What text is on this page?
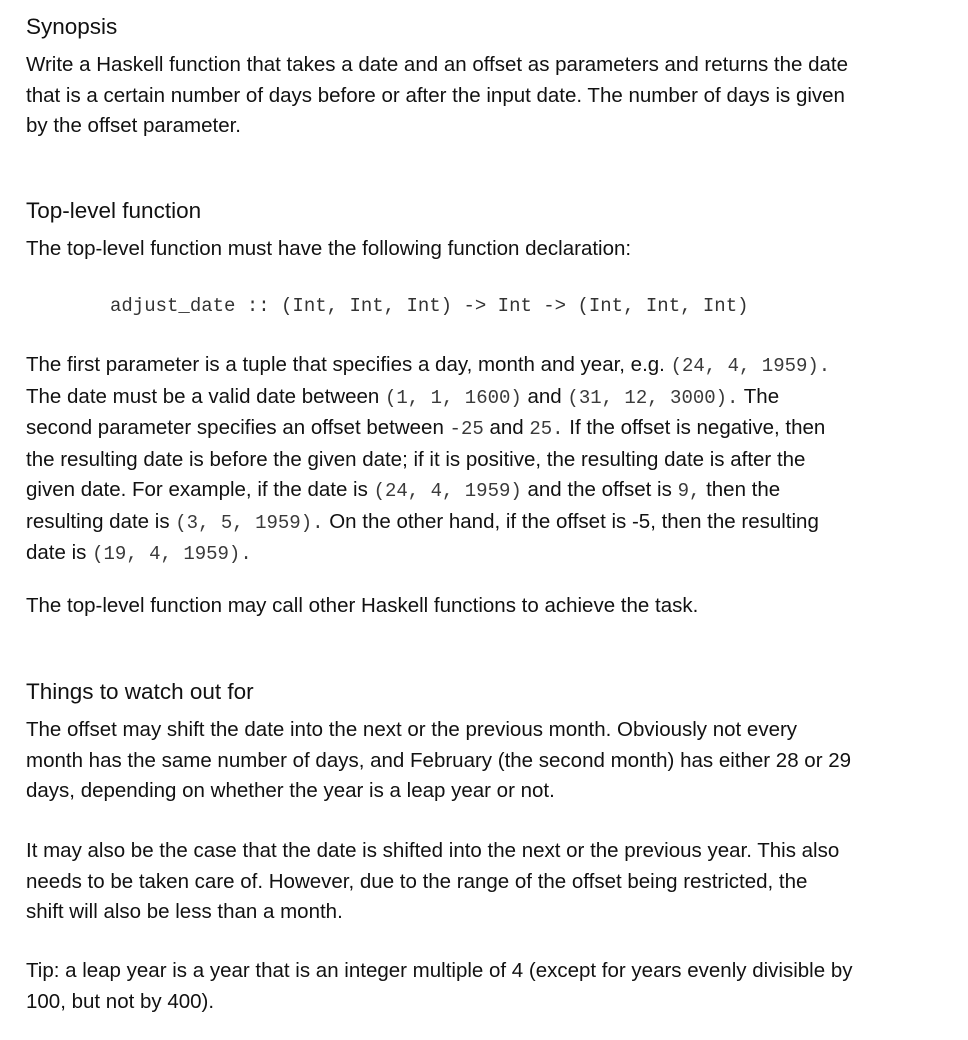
Synopsis

Write a Haskell function that takes a date and an offset as parameters and returns the date
that is a certain number of days before or after the input date. The number of days is given
by the offset parameter.

Top-level function

The top-level function must have the following function declaration:

adjust_date :: (Int, Int, Int) -> Int -> (Int, Int, Int)

The first parameter is a tuple that specifies a day, month and year, e.g. (24, 4, 1959).
The date must be a valid date between (1, 1, 1600) and (31, 12, 3000). The
second parameter specifies an offset between -25 and 25. If the offset is negative, then
the resulting date is before the given date; if it is positive, the resulting date is after the
given date. For example, if the date is (24, 4, 1959) and the offset is 9, then the
resulting date is (3, 5, 1959). On the other hand, if the offset is -5, then the resulting
date is (19, 4, 1959).

The top-level function may call other Haskell functions to achieve the task.

Things to watch out for

The offset may shift the date into the next or the previous month. Obviously not every
month has the same number of days, and February (the second month) has either 28 or 29
days, depending on whether the year is a leap year or not.

It may also be the case that the date is shifted into the next or the previous year. This also
needs to be taken care of. However, due to the range of the offset being restricted, the
shift will also be less than a month.

Tip: a leap year is a year that is an integer multiple of 4 (except for years evenly divisible by
100, but not by 400).
